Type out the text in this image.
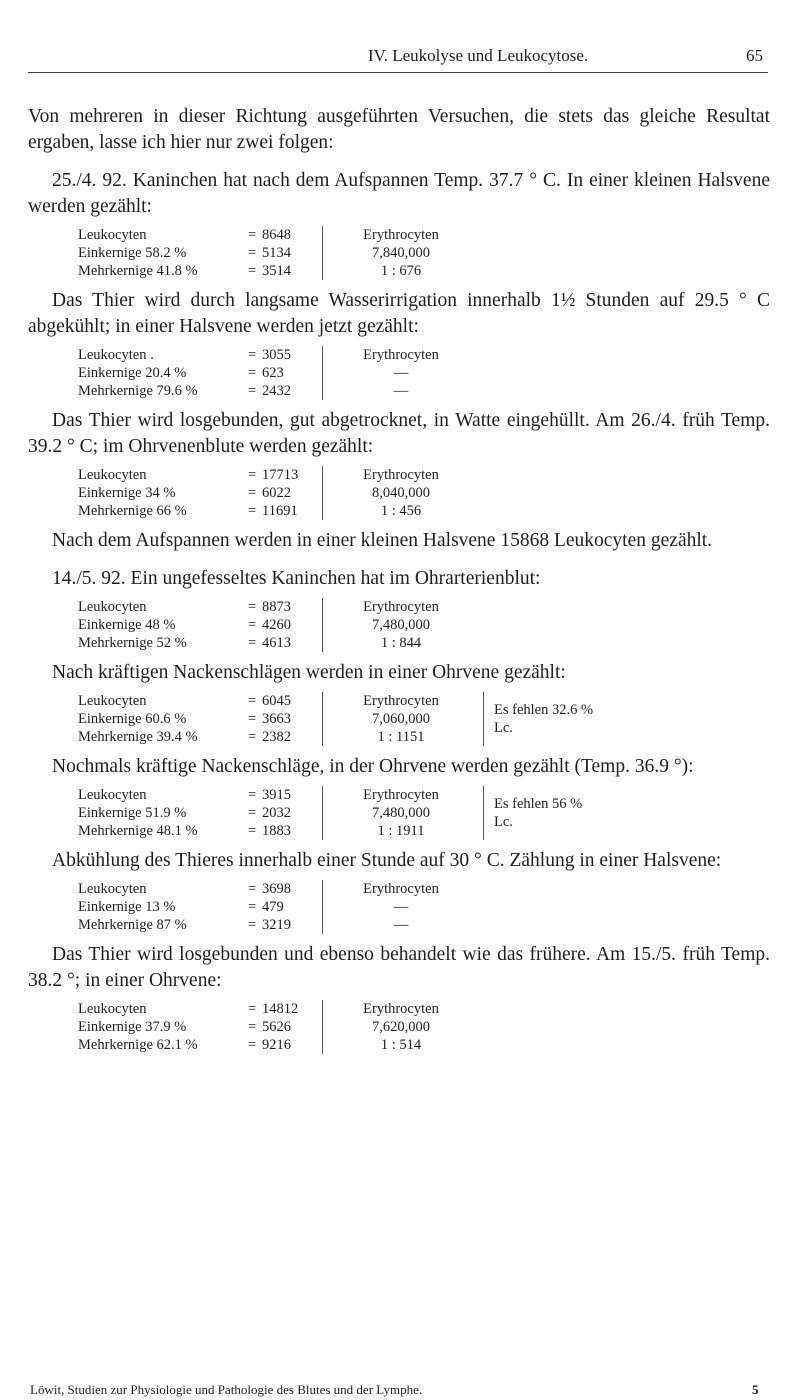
IV. Leukolyse und Leukocytose.	65

Von mehreren in dieser Richtung ausgeführten Versuchen, die stets das gleiche Resultat ergaben, lasse ich hier nur zwei folgen:

25./4. 92. Kaninchen hat nach dem Aufspannen Temp. 37.7 ° C. In einer kleinen Halsvene werden gezählt:

Leukocyten	= 8648	Erythrocyten
Einkernige 58.2 %	= 5134	7,840,000
Mehrkernige 41.8 %	= 3514	1 : 676

Das Thier wird durch langsame Wasserirrigation innerhalb 1½ Stunden auf 29.5 ° C abgekühlt; in einer Halsvene werden jetzt gezählt:

Leukocyten .	= 3055	Erythrocyten
Einkernige 20.4 %	= 623	—
Mehrkernige 79.6 %	= 2432	—

Das Thier wird losgebunden, gut abgetrocknet, in Watte eingehüllt. Am 26./4. früh Temp. 39.2 ° C; im Ohrvenenblute werden gezählt:

Leukocyten	= 17713	Erythrocyten
Einkernige 34 %	= 6022	8,040,000
Mehrkernige 66 %	= 11691	1 : 456

Nach dem Aufspannen werden in einer kleinen Halsvene 15868 Leukocyten gezählt.

14./5. 92. Ein ungefesseltes Kaninchen hat im Ohrarterienblut:

Leukocyten	= 8873	Erythrocyten
Einkernige 48 %	= 4260	7,480,000
Mehrkernige 52 %	= 4613	1 : 844

Nach kräftigen Nackenschlägen werden in einer Ohrvene gezählt:

Leukocyten	= 6045	Erythrocyten
Einkernige 60.6 %	= 3663	7,060,000
Mehrkernige 39.4 %	= 2382	1 : 1151
Es fehlen 32.6 % Lc.

Nochmals kräftige Nackenschläge, in der Ohrvene werden gezählt (Temp. 36.9 °):

Leukocyten	= 3915	Erythrocyten
Einkernige 51.9 %	= 2032	7,480,000
Mehrkernige 48.1 %	= 1883	1 : 1911
Es fehlen 56 % Lc.

Abkühlung des Thieres innerhalb einer Stunde auf 30 ° C. Zählung in einer Halsvene:

Leukocyten	= 3698	Erythrocyten
Einkernige 13 %	= 479	—
Mehrkernige 87 %	= 3219	—

Das Thier wird losgebunden und ebenso behandelt wie das frühere. Am 15./5. früh Temp. 38.2 °; in einer Ohrvene:

Leukocyten	= 14812	Erythrocyten
Einkernige 37.9 %	= 5626	7,620,000
Mehrkernige 62.1 %	= 9216	1 : 514
Löwit, Studien zur Physiologie und Pathologie des Blutes und der Lymphe.	5
